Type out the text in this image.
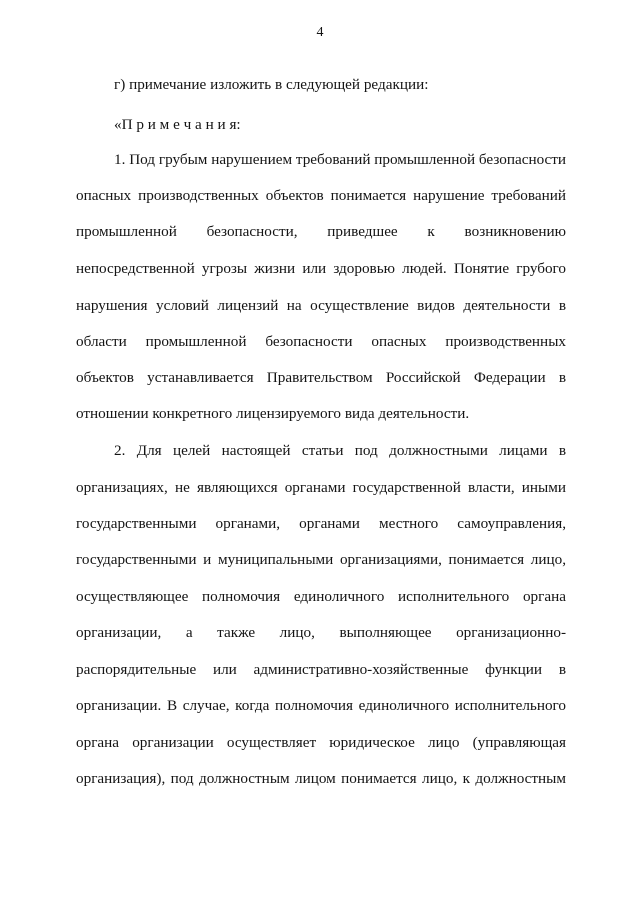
4
г) примечание изложить в следующей редакции:
«П р и м е ч а н и я:
1. Под грубым нарушением требований промышленной безопасности
опасных производственных объектов понимается нарушение требований
промышленной безопасности, приведшее к возникновению
непосредственной угрозы жизни или здоровью людей. Понятие грубого
нарушения условий лицензий на осуществление видов деятельности в
области промышленной безопасности опасных производственных
объектов устанавливается Правительством Российской Федерации в
отношении конкретного лицензируемого вида деятельности.
2. Для целей настоящей статьи под должностными лицами в
организациях, не являющихся органами государственной власти, иными
государственными органами, органами местного самоуправления,
государственными и муниципальными организациями, понимается лицо,
осуществляющее полномочия единоличного исполнительного органа
организации, а также лицо, выполняющее организационно-
распорядительные или административно-хозяйственные функции в
организации. В случае, когда полномочия единоличного исполнительного
органа организации осуществляет юридическое лицо (управляющая
организация), под должностным лицом понимается лицо, к должностным
